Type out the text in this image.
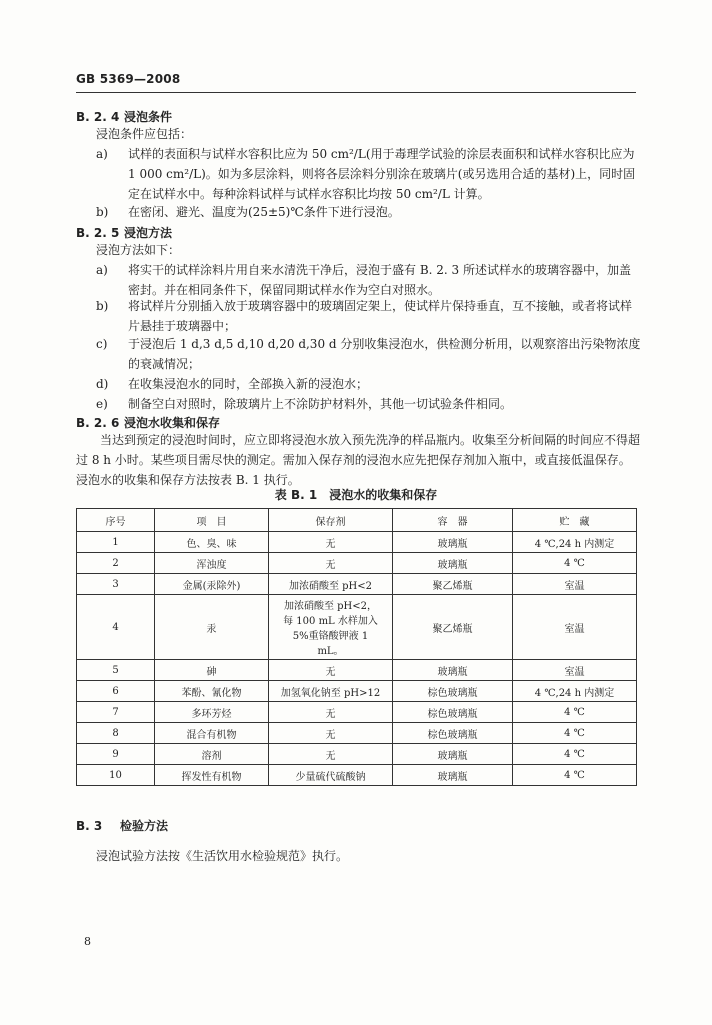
GB 5369—2008
B. 2. 4 浸泡条件
浸泡条件应包括：
a)	试样的表面积与试样水容积比应为 50 cm²/L(用于毒理学试验的涂层表面积和试样水容积比应为 1 000 cm²/L)。如为多层涂料，则将各层涂料分别涂在玻璃片(或另选用合适的基材)上，同时固定在试样水中。每种涂料试样与试样水容积比均按 50 cm²/L 计算。
b)	在密闭、避光、温度为(25±5)℃条件下进行浸泡。
B. 2. 5 浸泡方法
浸泡方法如下：
a)	将实干的试样涂料片用自来水清洗干净后，浸泡于盛有 B. 2. 3 所述试样水的玻璃容器中，加盖密封。并在相同条件下，保留同期试样水作为空白对照水。
b)	将试样片分别插入放于玻璃容器中的玻璃固定架上，使试样片保持垂直，互不接触，或者将试样片悬挂于玻璃器中；
c)	于浸泡后 1 d,3 d,5 d,10 d,20 d,30 d 分别收集浸泡水，供检测分析用，以观察溶出污染物浓度的衰减情况；
d)	在收集浸泡水的同时，全部换入新的浸泡水；
e)	制备空白对照时，除玻璃片上不涂防护材料外，其他一切试验条件相同。
B. 2. 6 浸泡水收集和保存
当达到预定的浸泡时间时，应立即将浸泡水放入预先洗净的样品瓶内。收集至分析间隔的时间应不得超过 8 h 小时。某些项目需尽快的测定。需加入保存剂的浸泡水应先把保存剂加入瓶中，或直接低温保存。浸泡水的收集和保存方法按表 B. 1 执行。
表 B. 1　浸泡水的收集和保存
序号	项　目	保存剂	容　器	贮　藏
1	色、臭、味	无	玻璃瓶	4 ℃,24 h 内测定
2	浑浊度	无	玻璃瓶	4 ℃
3	金属(汞除外)	加浓硝酸至 pH<2	聚乙烯瓶	室温
4	汞	加浓硝酸至 pH<2，每 100 mL 水样加入 5%重铬酸钾液 1 mL。	聚乙烯瓶	室温
5	砷	无	玻璃瓶	室温
6	苯酚、氰化物	加氢氧化钠至 pH>12	棕色玻璃瓶	4 ℃,24 h 内测定
7	多环芳烃	无	棕色玻璃瓶	4 ℃
8	混合有机物	无	棕色玻璃瓶	4 ℃
9	溶剂	无	玻璃瓶	4 ℃
10	挥发性有机物	少量硫代硫酸钠	玻璃瓶	4 ℃
B. 3 检验方法
浸泡试验方法按《生活饮用水检验规范》执行。
8
